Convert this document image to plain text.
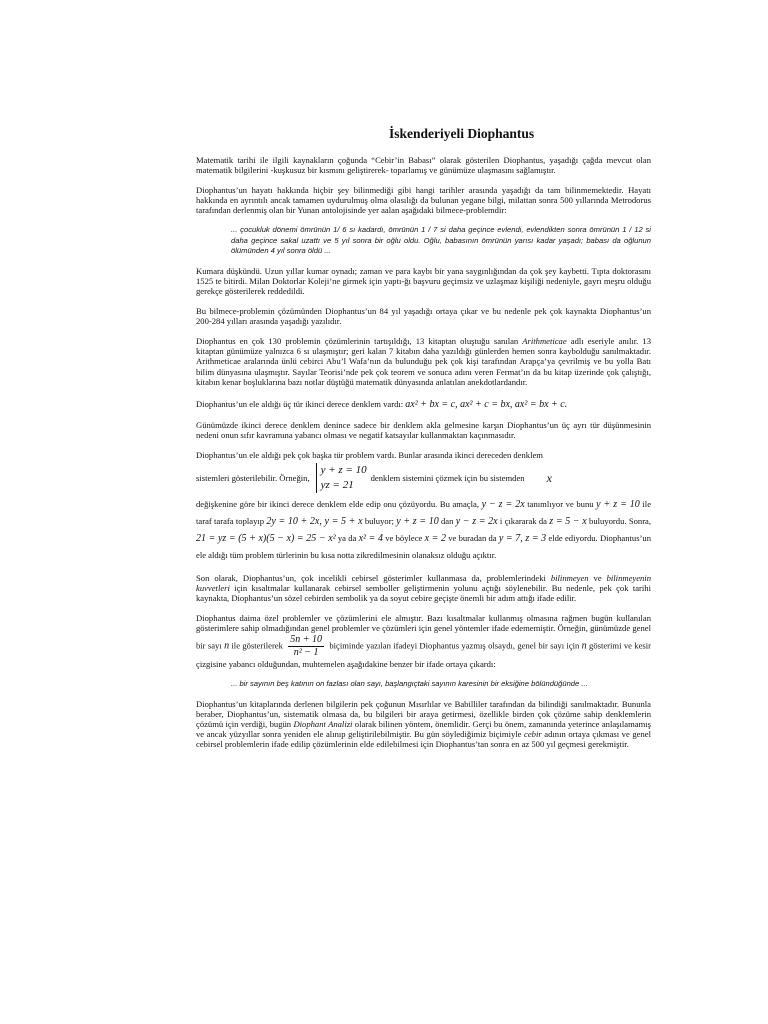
İskenderiyeli Diophantus

Matematik tarihi ile ilgili kaynakların çoğunda “Cebir’in Babası” olarak gösterilen Diophantus, yaşadığı çağda mevcut olan matematik bilgilerini -kuşkusuz bir kısmını geliştirerek- toparlamış ve günümüze ulaşmasını sağlamıştır.

Diophantus’un hayatı hakkında hiçbir şey bilinmediği gibi hangi tarihler arasında yaşadığı da tam bilinmemektedir. Hayatı hakkında en ayrıntılı ancak tamamen uydurulmuş olma olasılığı da bulunan yegane bilgi, milattan sonra 500 yıllarında Metrodorus tarafından derlenmiş olan bir Yunan antolojisinde yer aalan aşağıdaki bilmece-problemdir:

... çocukluk dönemi ömrünün 1/ 6 sı kadardı, ömrünün 1 / 7 si daha geçince evlendi, evlendikten sonra ömrünün 1 / 12 si daha geçince sakal uzattı ve 5 yıl sonra bir oğlu oldu. Oğlu, babasının ömrünün yarısı kadar yaşadı; babası da oğlunun ölümünden 4 yıl sonra öldü ...

Kumara düşkündü. Uzun yıllar kumar oynadı; zaman ve para kaybı bir yana saygınlığından da çok şey kaybetti. Tıpta doktorasını 1525 te bitirdi. Milan Doktorlar Koleji’ne girmek için yaptı-ğı başvuru geçimsiz ve uzlaşmaz kişiliği nedeniyle, gayrı meşru olduğu gerekçe gösterilerek reddedildi.

Bu bilmece-problemin çözümünden Diophantus’un 84 yıl yaşadığı ortaya çıkar ve bu nedenle pek çok kaynakta Diophantus’un 200-284 yılları arasında yaşadığı yazılıdır.

Diophantus en çok 130 problemin çözümlerinin tartışıldığı, 13 kitaptan oluştuğu sanılan Arithmeticae adlı eseriyle anılır. 13 kitaptan günümüze yalnızca 6 sı ulaşmıştır; geri kalan 7 kitabın daha yazıldığı günlerden hemen sonra kaybolduğu sanılmaktadır. Arithmeticae aralarında ünlü cebirci Abu’l Wafa’nın da bulunduğu pek çok kişi tarafından Arapça’ya çevrilmiş ve bu yolla Batı bilim dünyasına ulaşmıştır. Sayılar Teorisi’nde pek çok teorem ve sonuca adını veren Fermat’ın da bu kitap üzerinde çok çalıştığı, kitabın kenar boşluklarına bazı notlar düştüğü matematik dünyasında anlatılan anekdotlardandır.

Diophantus’un ele aldığı üç tür ikinci derece denklem vardı: ax² + bx = c, ax² + c = bx, ax² = bx + c.

Günümüzde ikinci derece denklem denince sadece bir denklem akla gelmesine karşın Diophantus’un üç ayrı tür düşünmesinin nedeni onun sıfır kavramına yabancı olması ve negatif katsayılar kullanmaktan kaçınmasıdır.

Diophantus’un ele aldığı pek çok başka tür problem vardı. Bunlar arasında ikinci dereceden denklem

sistemleri gösterilebilir. Örneğin,
y + z = 10
yz = 21
denklem sistemini çözmek için bu sistemden x

değişkenine göre bir ikinci derece denklem elde edip onu çözüyordu. Bu amaçla, y − z = 2x tanımlıyor ve bunu y + z = 10 ile taraf tarafa toplayıp 2y = 10 + 2x, y = 5 + x buluyor; y + z = 10 dan y − z = 2x i çıkararak da z = 5 − x buluyordu. Sonra, 21 = yz = (5 + x)(5 − x) = 25 − x² ya da x² = 4 ve böylece x = 2 ve buradan da y = 7, z = 3 elde ediyordu. Diophantus’un ele aldığı tüm problem türlerinin bu kısa notta zikredilmesinin olanaksız olduğu açıktır.

Son olarak, Diophantus’un, çok incelikli cebirsel gösterimler kullanmasa da, problemlerindeki bilinmeyen ve bilinmeyenin kuvvetleri için kısaltmalar kullanarak cebirsel semboller geliştirmenin yolunu açtığı söylenebilir. Bu nedenle, pek çok tarihi kaynakta, Diophantus’un sözel cebirden sembolik ya da soyut cebire geçişte önemli bir adım attığı ifade edilir.

Diophantus daima özel problemler ve çözümlerini ele almıştır. Bazı kısaltmalar kullanmış olmasına rağmen bugün kullanılan gösterimlere sahip olmadığından genel problemler ve çözümleri için genel yöntemler ifade edememiştir. Örneğin, günümüzde genel bir sayı n ile gösterilerek $\frac{5n + 10}{\text{n² − 1}}$ biçiminde yazılan ifadeyi Diophantus yazmış olsaydı, genel bir sayı için n gösterimi ve kesir çizgisine yabancı olduğundan, muhtemelen aşağıdakine benzer bir ifade ortaya çıkardı:

... bir sayının beş katının on fazlası olan sayı, başlangıçtaki sayının karesinin bir eksiğine bölündüğünde ...

Diophantus’un kitaplarında derlenen bilgilerin pek çoğunun Mısırlılar ve Babilliler tarafından da bilindiği sanılmaktadır. Bununla beraber, Diophantus’un, sistematik olmasa da, bu bilgileri bir araya getirmesi, özellikle birden çok çözüme sahip denklemlerin çözümü için verdiği, bugün Diophant Analizi olarak bilinen yöntem, önemlidir. Gerçi bu önem, zamanında yeterince anlaşılamamış ve ancak yüzyıllar sonra yeniden ele alınıp geliştirilebilmiştir. Bu gün söylediğimiz biçimiyle cebir adının ortaya çıkması ve genel cebirsel problemlerin ifade edilip çözümlerinin elde edilebilmesi için Diophantus’tan sonra en az 500 yıl geçmesi gerekmiştir.
